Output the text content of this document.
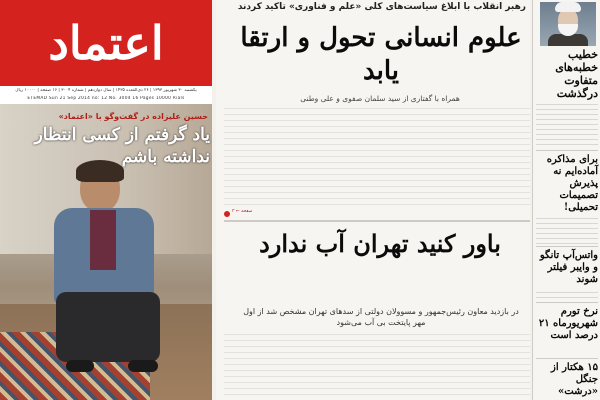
اعتماد
یکشنبه ۳۰ شهریور ۱۳۹۳ | ۲۶ ذی‌القعده ۱۴۳۵ | سال دوازدهم | شماره ۳۰۰۴ | ۱۶ صفحه | ۱۰۰۰۰ ریال
ETEMAD Sun 21 Sep 2014 no: 12 No. 3004 16 Pages 10000 Rials
حسین علیزاده در گفت‌وگو با «اعتماد»
یاد گرفتم از کسی انتظار نداشته باشم
رهبر انقلاب با ابلاغ سیاست‌های کلی «علم و فناوری» تاکید کردند
علوم انسانی تحول و ارتقا یابد
همراه با گفتاری از سید سلمان صفوی و علی وطنی
۳ ← صفحه
باور کنید تهران آب ندارد
در بازدید معاون رئیس‌جمهور و مسوولان دولتی از سدهای تهران مشخص شد از اول مهر پایتخت بی آب می‌شود
خطیب خطبه‌های متفاوت درگذشت
برای مذاکره آماده‌ایم نه پذیرش تصمیمات تحمیلی!
واتس‌آپ تانگو و وایبر فیلتر شوند
نرخ تورم شهریورماه ۲۱ درصد است
۱۵ هکتار از جنگل «درشت»
